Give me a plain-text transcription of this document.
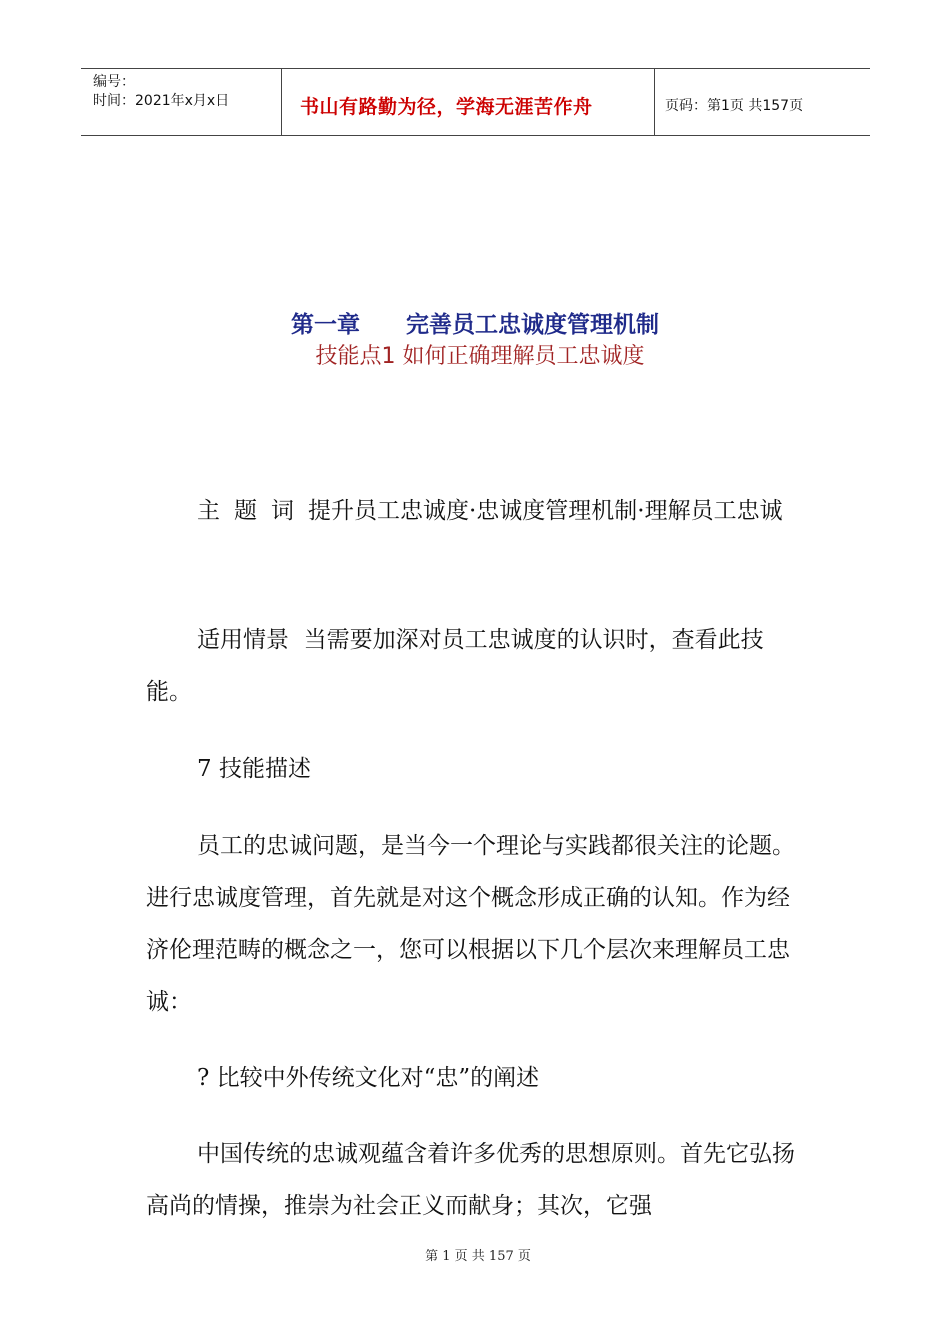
编号：
时间：2021年x月x日	书山有路勤为径，学海无涯苦作舟	页码：第1页 共157页
第一章 完善员工忠诚度管理机制
技能点1 如何正确理解员工忠诚度

主题词提升员工忠诚度·忠诚度管理机制·理解员工忠诚

适用情景 当需要加深对员工忠诚度的认识时，查看此技能。

7 技能描述

员工的忠诚问题，是当今一个理论与实践都很关注的论题。进行忠诚度管理，首先就是对这个概念形成正确的认知。作为经济伦理范畴的概念之一，您可以根据以下几个层次来理解员工忠诚：

? 比较中外传统文化对“忠”的阐述

中国传统的忠诚观蕴含着许多优秀的思想原则。首先它弘扬高尚的情操，推崇为社会正义而献身；其次，它强

第 1 页 共 157 页
